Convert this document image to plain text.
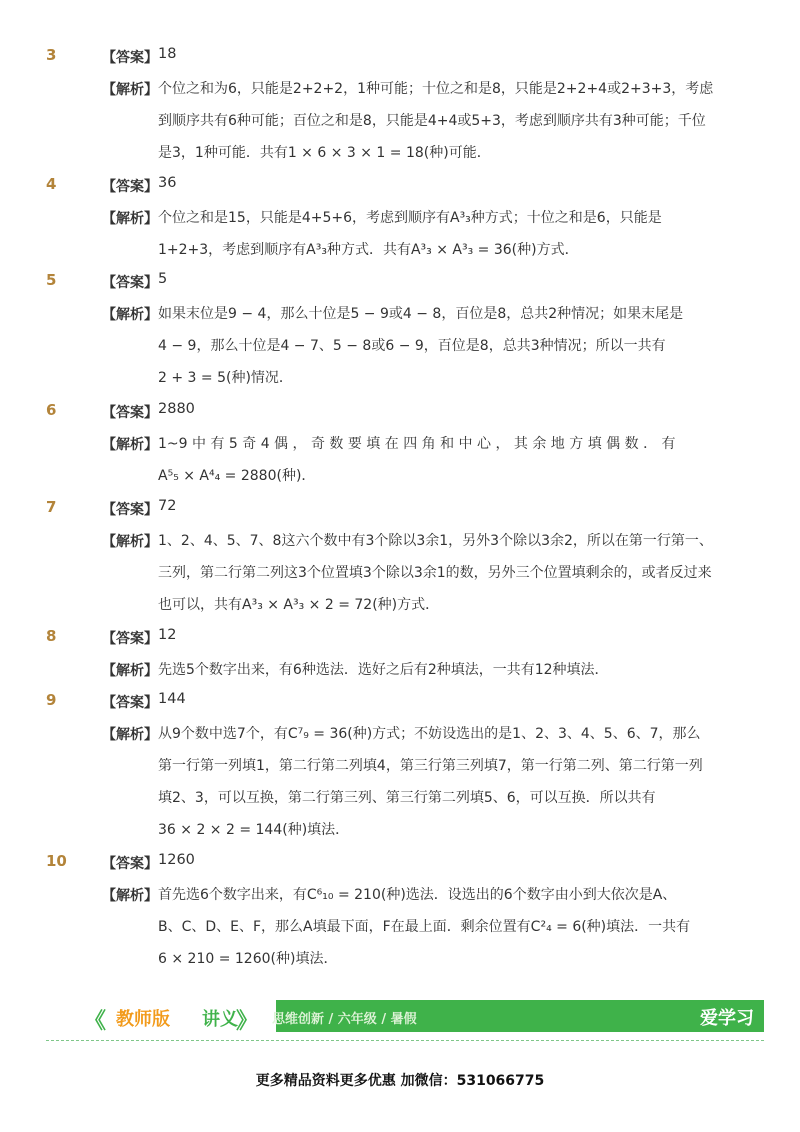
3	【答案】 18
【解析】 个位之和为6，只能是2+2+2，1种可能；十位之和是8，只能是2+2+4或2+3+3，考虑
到顺序共有6种可能；百位之和是8，只能是4+4或5+3，考虑到顺序共有3种可能；千位
是3，1种可能．共有1 × 6 × 3 × 1 = 18(种)可能．
4	【答案】 36
【解析】 个位之和是15，只能是4+5+6，考虑到顺序有A³₃种方式；十位之和是6，只能是
1+2+3，考虑到顺序有A³₃种方式．共有A³₃ × A³₃ = 36(种)方式．
5	【答案】 5
【解析】 如果末位是9 − 4，那么十位是5 − 9或4 − 8，百位是8，总共2种情况；如果末尾是
4 − 9，那么十位是4 − 7、5 − 8或6 − 9，百位是8，总共3种情况；所以一共有
2 + 3 = 5(种)情况．
6	【答案】 2880
【解析】 1~9 中 有 5 奇 4 偶 ， 奇 数 要 填 在 四 角 和 中 心 ， 其 余 地 方 填 偶 数 ． 有
A⁵₅ × A⁴₄ = 2880(种)．
7	【答案】 72
【解析】 1、2、4、5、7、8这六个数中有3个除以3余1，另外3个除以3余2，所以在第一行第一、
三列，第二行第二列这3个位置填3个除以3余1的数，另外三个位置填剩余的，或者反过来
也可以，共有A³₃ × A³₃ × 2 = 72(种)方式．
8	【答案】 12
【解析】 先选5个数字出来，有6种选法．选好之后有2种填法，一共有12种填法．
9	【答案】 144
【解析】 从9个数中选7个，有C⁷₉ = 36(种)方式；不妨设选出的是1、2、3、4、5、6、7，那么
第一行第一列填1，第二行第二列填4，第三行第三列填7，第一行第二列、第二行第一列
填2、3，可以互换，第二行第三列、第三行第二列填5、6，可以互换．所以共有
36 × 2 × 2 = 144(种)填法．
10	【答案】 1260
【解析】 首先选6个数字出来，有C⁶₁₀ = 210(种)选法．设选出的6个数字由小到大依次是A、
B、C、D、E、F，那么A填最下面，F在最上面．剩余位置有C²₄ = 6(种)填法．一共有
6 × 210 = 1260(种)填法．
《 教师版 讲义
》 思维创新 / 六年级 / 暑假	爱学习
更多精品资料更多优惠 加微信：531066775
